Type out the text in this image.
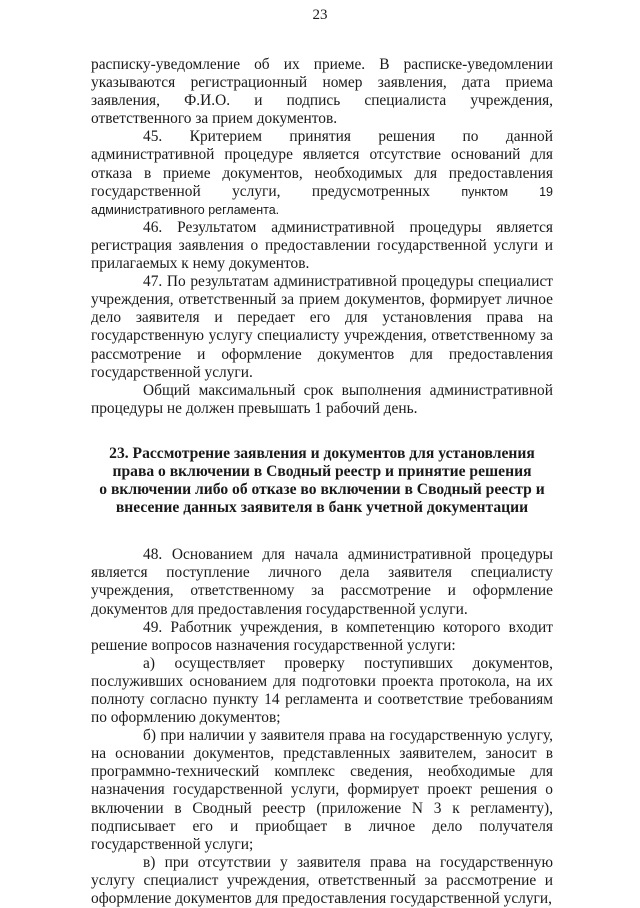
23

расписку-уведомление об их приеме. В расписке-уведомлении указываются регистрационный номер заявления, дата приема заявления, Ф.И.О. и подпись специалиста учреждения, ответственного за прием документов.

45. Критерием принятия решения по данной административной процедуре является отсутствие оснований для отказа в приеме документов, необходимых для предоставления государственной услуги, предусмотренных пунктом 19 административного регламента.

46. Результатом административной процедуры является регистрация заявления о предоставлении государственной услуги и прилагаемых к нему документов.

47. По результатам административной процедуры специалист учреждения, ответственный за прием документов, формирует личное дело заявителя и передает его для установления права на государственную услугу специалисту учреждения, ответственному за рассмотрение и оформление документов для предоставления государственной услуги.

Общий максимальный срок выполнения административной процедуры не должен превышать 1 рабочий день.

23. Рассмотрение заявления и документов для установления
права о включении в Сводный реестр и принятие решения
о включении либо об отказе во включении в Сводный реестр и
внесение данных заявителя в банк учетной документации

48. Основанием для начала административной процедуры является поступление личного дела заявителя специалисту учреждения, ответственному за рассмотрение и оформление документов для предоставления государственной услуги.

49. Работник учреждения, в компетенцию которого входит решение вопросов назначения государственной услуги:

а) осуществляет проверку поступивших документов, послуживших основанием для подготовки проекта протокола, на их полноту согласно пункту 14 регламента и соответствие требованиям по оформлению документов;

б) при наличии у заявителя права на государственную услугу, на основании документов, представленных заявителем, заносит в программно-технический комплекс сведения, необходимые для назначения государственной услуги, формирует проект решения о включении в Сводный реестр (приложение N 3 к регламенту), подписывает его и приобщает в личное дело получателя государственной услуги;

в) при отсутствии у заявителя права на государственную услугу специалист учреждения, ответственный за рассмотрение и оформление документов для предоставления государственной услуги,
